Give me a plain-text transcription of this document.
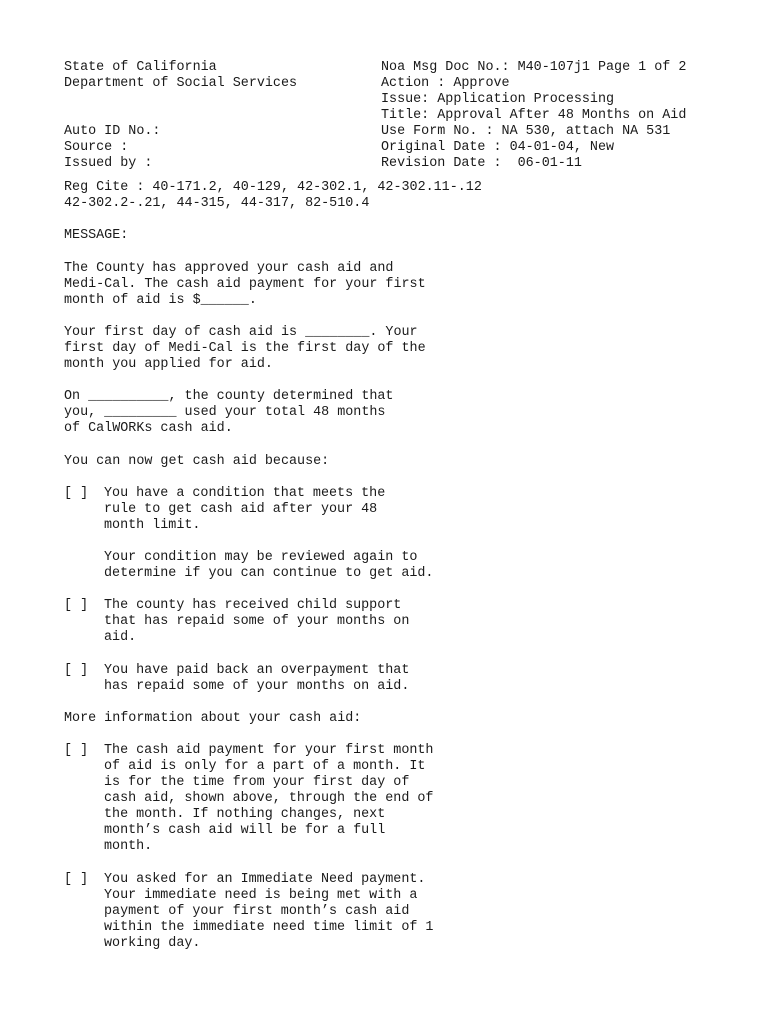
State of California
Department of Social Services
Noa Msg Doc No.: M40-107j1 Page 1 of 2
Action : Approve
Issue: Application Processing
Title: Approval After 48 Months on Aid
Use Form No. : NA 530, attach NA 531
Original Date : 04-01-04, New
Revision Date :  06-01-11
Auto ID No.:
Source :
Issued by :
Reg Cite : 40-171.2, 40-129, 42-302.1, 42-302.11-.12
42-302.2-.21, 44-315, 44-317, 82-510.4
MESSAGE:
The County has approved your cash aid and
Medi-Cal. The cash aid payment for your first
month of aid is $______.
Your first day of cash aid is ________. Your
first day of Medi-Cal is the first day of the
month you applied for aid.
On __________, the county determined that
you, _________ used your total 48 months
of CalWORKs cash aid.
You can now get cash aid because:
[ ] You have a condition that meets the
rule to get cash aid after your 48
month limit.
Your condition may be reviewed again to
determine if you can continue to get aid.
[ ] The county has received child support
that has repaid some of your months on
aid.
[ ] You have paid back an overpayment that
has repaid some of your months on aid.
More information about your cash aid:
[ ] The cash aid payment for your first month
of aid is only for a part of a month. It
is for the time from your first day of
cash aid, shown above, through the end of
the month. If nothing changes, next
month’s cash aid will be for a full
month.
[ ] You asked for an Immediate Need payment.
Your immediate need is being met with a
payment of your first month’s cash aid
within the immediate need time limit of 1
working day.
